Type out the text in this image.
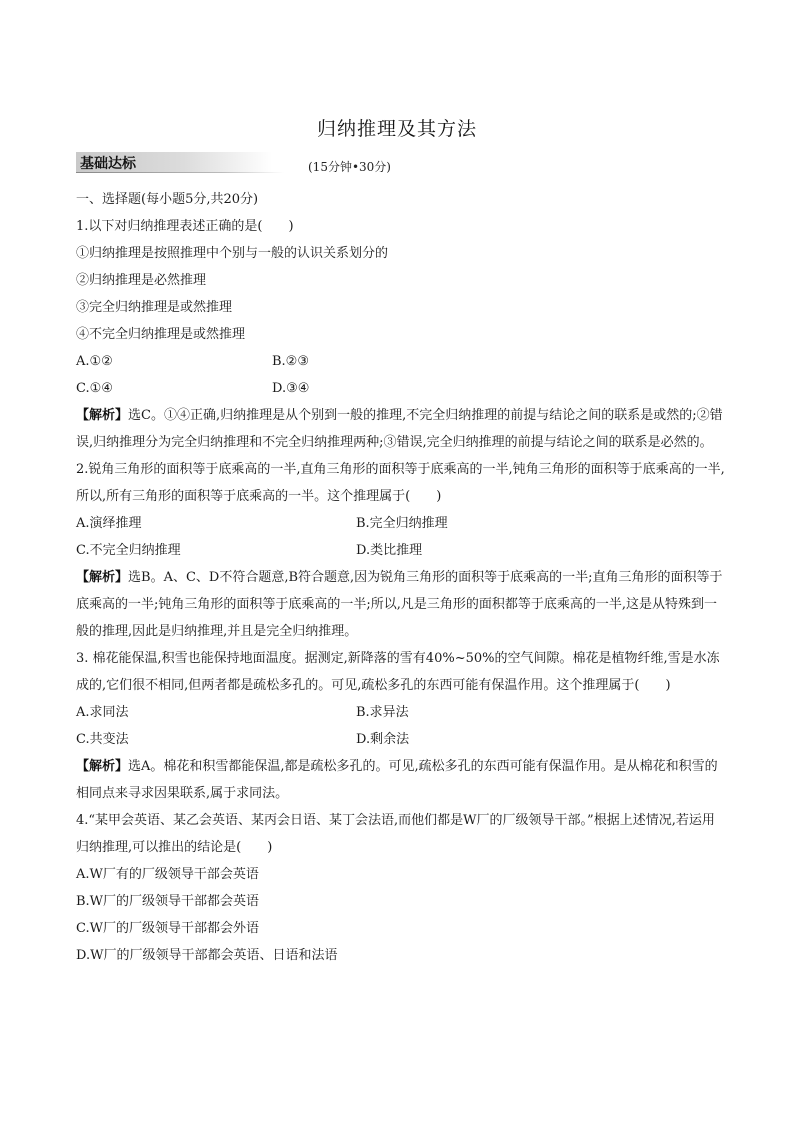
归纳推理及其方法
基础达标	(15分钟•30分)
一、选择题(每小题5分,共20分)
1.以下对归纳推理表述正确的是(　　)
①归纳推理是按照推理中个别与一般的认识关系划分的
②归纳推理是必然推理
③完全归纳推理是或然推理
④不完全归纳推理是或然推理
A.①②	B.②③
C.①④	D.③④
【解析】选C。①④正确,归纳推理是从个别到一般的推理,不完全归纳推理的前提与结论之间的联系是或然的;②错误,归纳推理分为完全归纳推理和不完全归纳推理两种;③错误,完全归纳推理的前提与结论之间的联系是必然的。
2.锐角三角形的面积等于底乘高的一半,直角三角形的面积等于底乘高的一半,钝角三角形的面积等于底乘高的一半,所以,所有三角形的面积等于底乘高的一半。这个推理属于(　　)
A.演绎推理	B.完全归纳推理
C.不完全归纳推理	D.类比推理
【解析】选B。A、C、D不符合题意,B符合题意,因为锐角三角形的面积等于底乘高的一半;直角三角形的面积等于底乘高的一半;钝角三角形的面积等于底乘高的一半;所以,凡是三角形的面积都等于底乘高的一半,这是从特殊到一般的推理,因此是归纳推理,并且是完全归纳推理。
3. 棉花能保温,积雪也能保持地面温度。据测定,新降落的雪有40%~50%的空气间隙。棉花是植物纤维,雪是水冻成的,它们很不相同,但两者都是疏松多孔的。可见,疏松多孔的东西可能有保温作用。这个推理属于(　　)
A.求同法	B.求异法
C.共变法	D.剩余法
【解析】选A。棉花和积雪都能保温,都是疏松多孔的。可见,疏松多孔的东西可能有保温作用。是从棉花和积雪的相同点来寻求因果联系,属于求同法。
4.“某甲会英语、某乙会英语、某丙会日语、某丁会法语,而他们都是W厂的厂级领导干部。”根据上述情况,若运用归纳推理,可以推出的结论是(　　)
A.W厂有的厂级领导干部会英语
B.W厂的厂级领导干部都会英语
C.W厂的厂级领导干部都会外语
D.W厂的厂级领导干部都会英语、日语和法语
